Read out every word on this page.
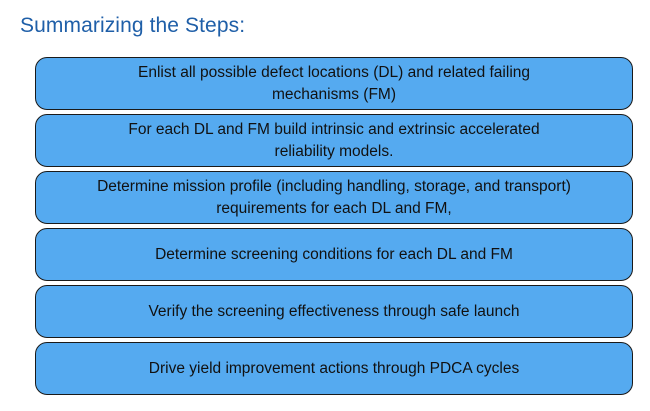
Summarizing the Steps:
Enlist all possible defect locations (DL) and related failing
mechanisms (FM)
For each DL and FM build intrinsic and extrinsic accelerated
reliability models.
Determine mission profile (including handling, storage, and transport)
requirements for each DL and FM,
Determine screening conditions for each DL and FM
Verify the screening effectiveness through safe launch
Drive yield improvement actions through PDCA cycles
